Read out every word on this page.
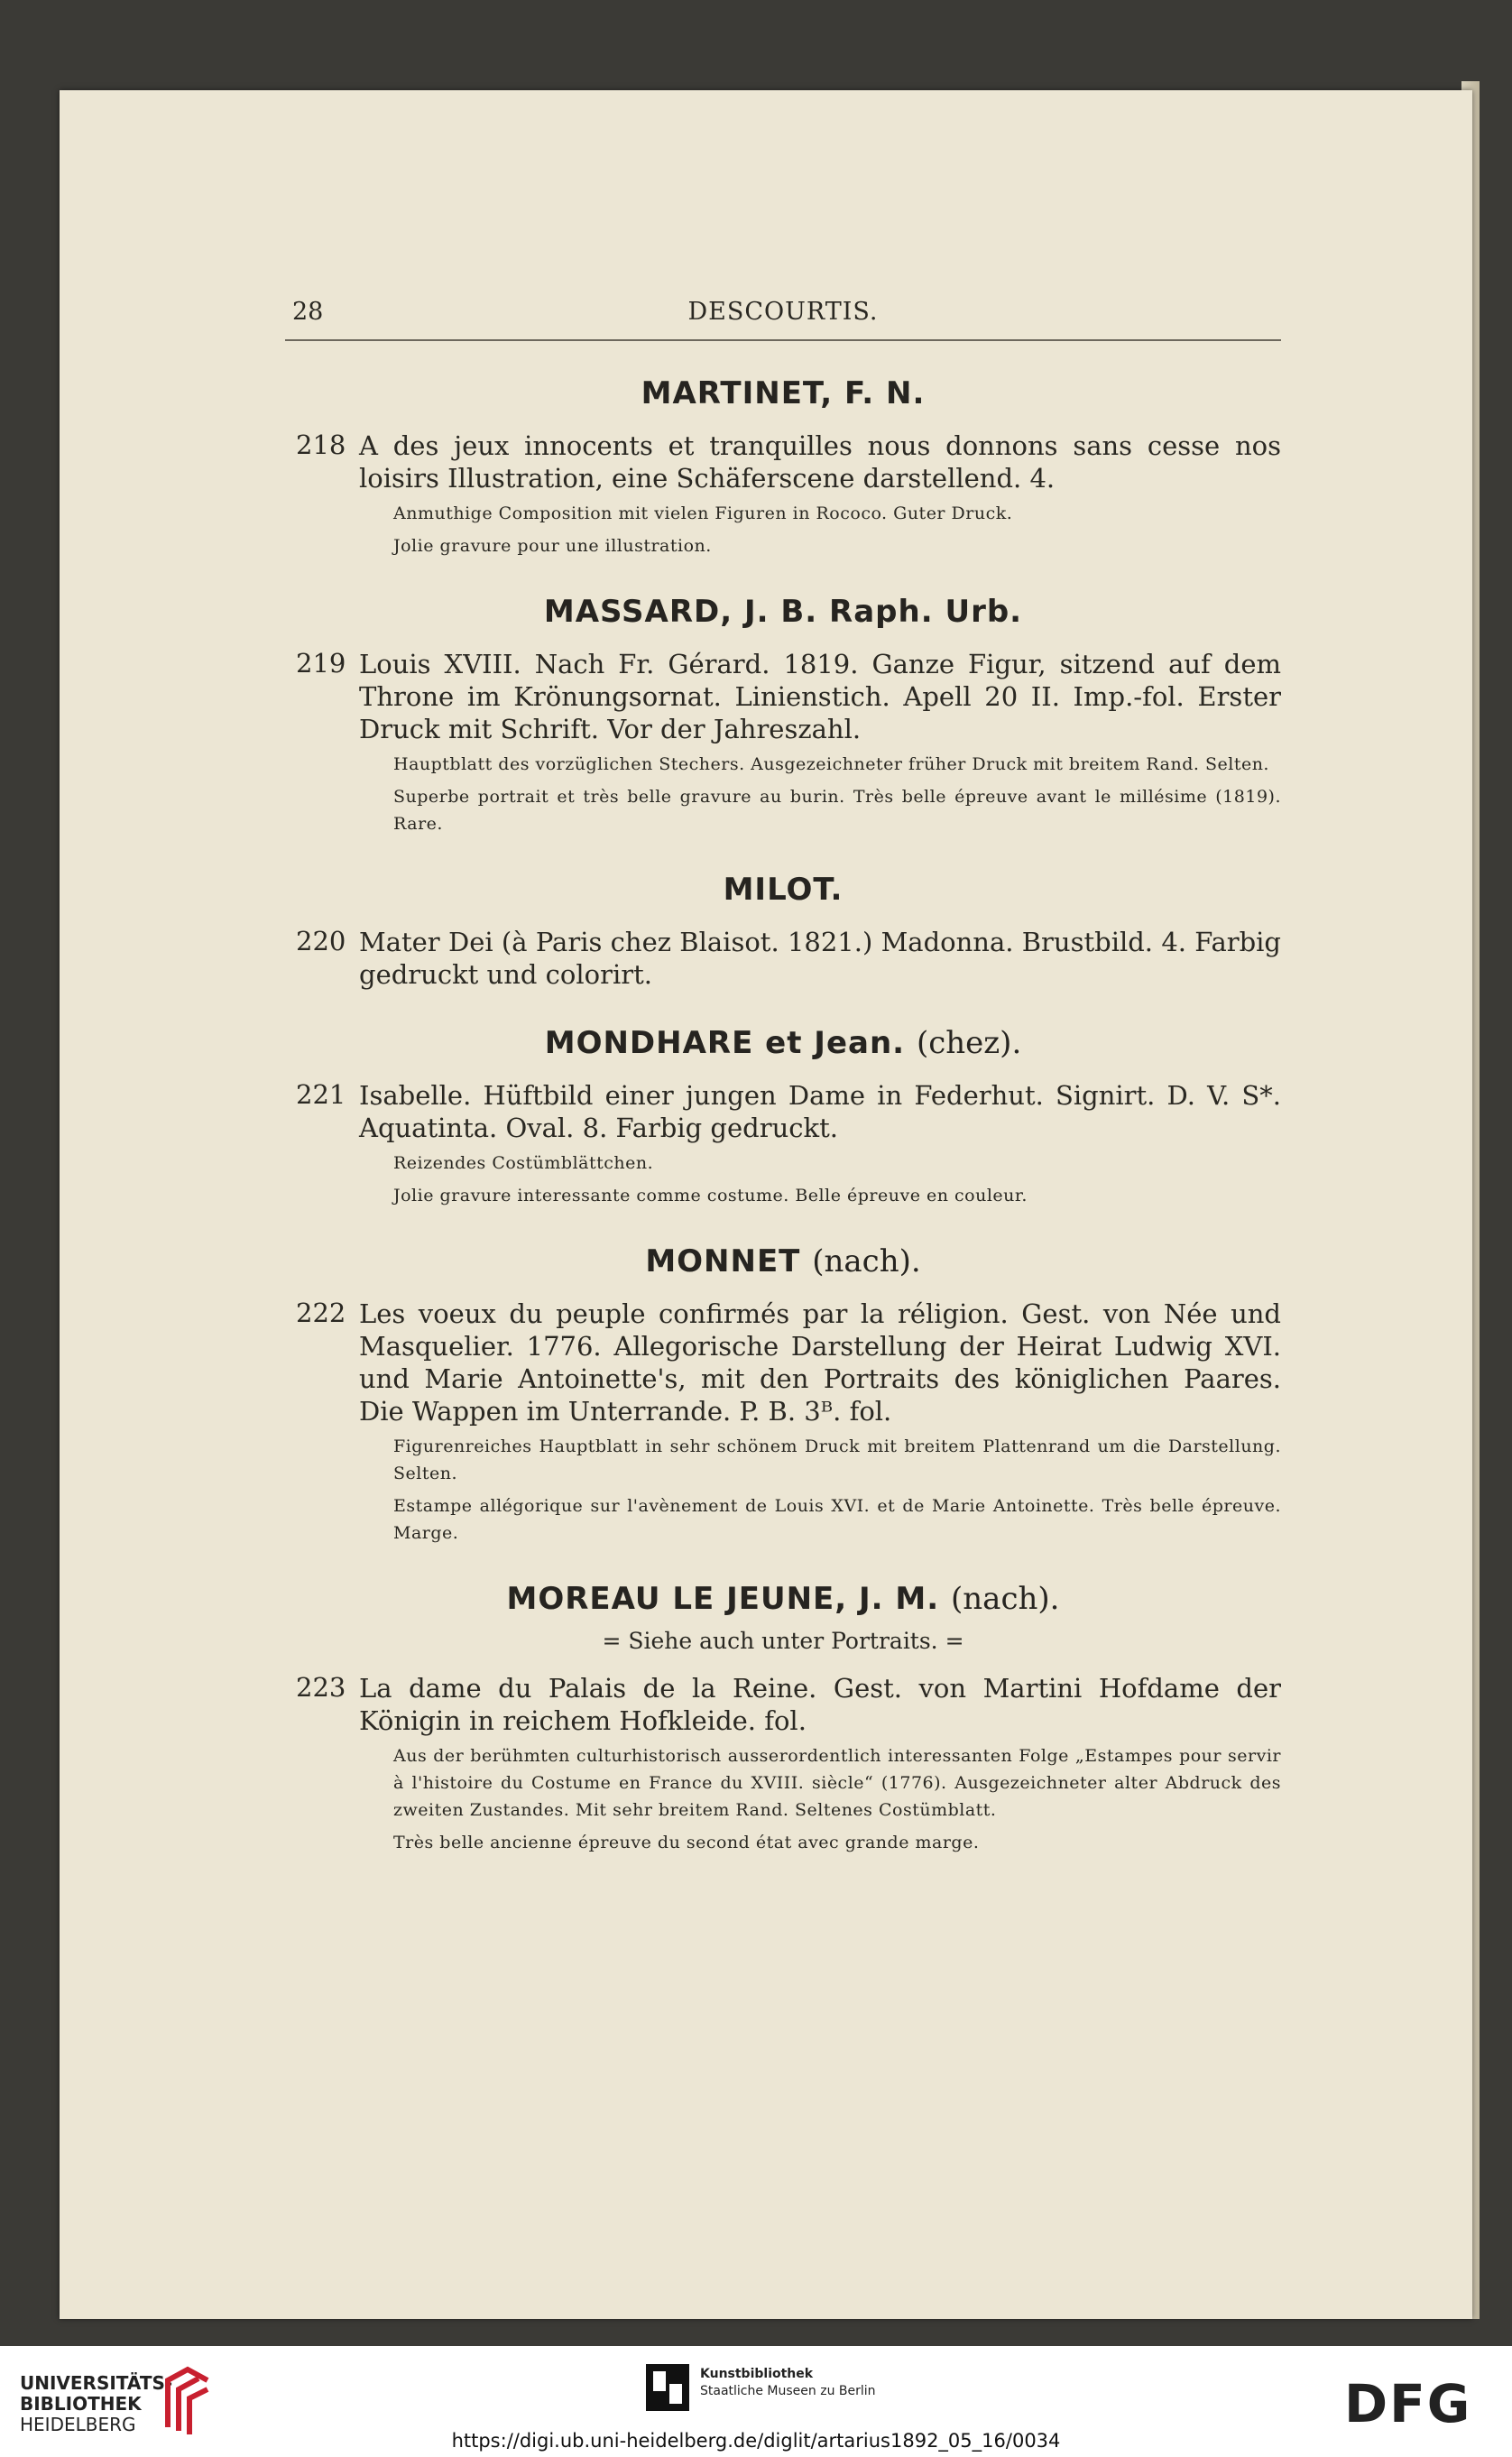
28	DESCOURTIS.
MARTINET, F. N.
218 A des jeux innocents et tranquilles nous donnons sans cesse nos loisirs Illustration, eine Schäferscene darstellend. 4.
Anmuthige Composition mit vielen Figuren in Rococo. Guter Druck.
Jolie gravure pour une illustration.
MASSARD, J. B. Raph. Urb.
219 Louis XVIII. Nach Fr. Gérard. 1819. Ganze Figur, sitzend auf dem Throne im Krönungsornat. Linienstich. Apell 20 II. Imp.-fol. Erster Druck mit Schrift. Vor der Jahreszahl.
Hauptblatt des vorzüglichen Stechers. Ausgezeichneter früher Druck mit breitem Rand. Selten.
Superbe portrait et très belle gravure au burin. Très belle épreuve avant le millésime (1819). Rare.
MILOT.
220 Mater Dei (à Paris chez Blaisot. 1821.) Madonna. Brustbild. 4. Farbig gedruckt und colorirt.
MONDHARE et Jean. (chez).
221 Isabelle. Hüftbild einer jungen Dame in Federhut. Signirt. D. V. S*. Aquatinta. Oval. 8. Farbig gedruckt.
Reizendes Costümblättchen.
Jolie gravure interessante comme costume. Belle épreuve en couleur.
MONNET (nach).
222 Les voeux du peuple confirmés par la réligion. Gest. von Née und Masquelier. 1776. Allegorische Darstellung der Heirat Ludwig XVI. und Marie Antoinette's, mit den Portraits des königlichen Paares. Die Wappen im Unterrande. P. B. 3ᴮ. fol.
Figurenreiches Hauptblatt in sehr schönem Druck mit breitem Plattenrand um die Darstellung. Selten.
Estampe allégorique sur l'avènement de Louis XVI. et de Marie Antoinette. Très belle épreuve. Marge.
MOREAU LE JEUNE, J. M. (nach).
= Siehe auch unter Portraits. =
223 La dame du Palais de la Reine. Gest. von Martini Hofdame der Königin in reichem Hofkleide. fol.
Aus der berühmten culturhistorisch ausserordentlich interessanten Folge „Estampes pour servir à l'histoire du Costume en France du XVIII. siècle“ (1776). Ausgezeichneter alter Abdruck des zweiten Zustandes. Mit sehr breitem Rand. Seltenes Costümblatt.
Très belle ancienne épreuve du second état avec grande marge.
UNIVERSITÄTS-
BIBLIOTHEK
HEIDELBERG
Kunstbibliothek
Staatliche Museen zu Berlin	DFG
https://digi.ub.uni-heidelberg.de/diglit/artarius1892_05_16/0034
